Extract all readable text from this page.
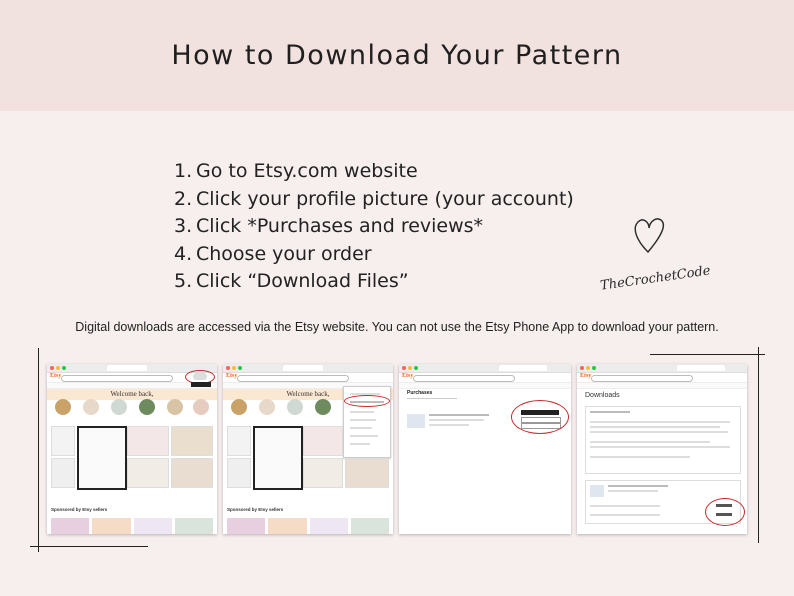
How to Download Your Pattern
1. Go to Etsy.com website
2. Click your profile picture (your account)
3. Click *Purchases and reviews*
4. Choose your order
5. Click “Download Files”	TheCrochetCode
Digital downloads are accessed via the Etsy website. You can not use the Etsy Phone App to download your pattern.
Etsy
Welcome back,
Sponsored by Etsy sellers
Etsy
Welcome back,
Sponsored by Etsy sellers
Etsy
Purchases
Etsy
Downloads
